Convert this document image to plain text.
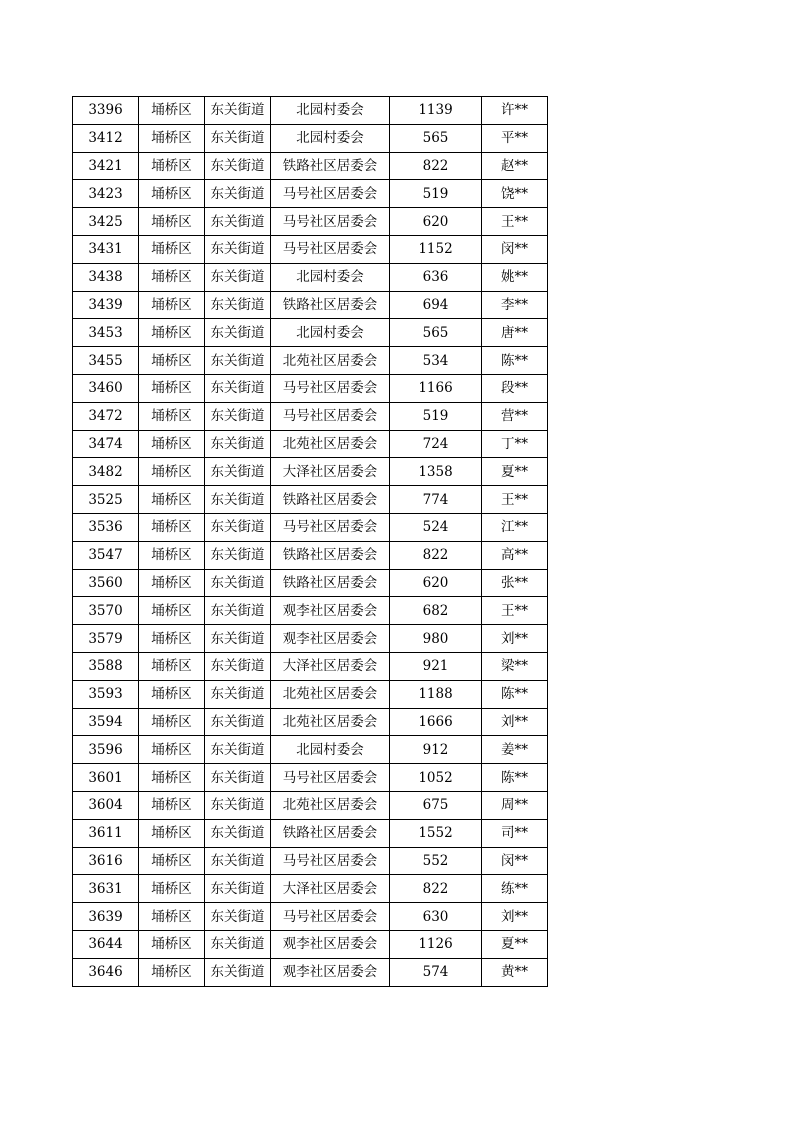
3396	埇桥区	东关街道	北园村委会	1139	许**
3412	埇桥区	东关街道	北园村委会	565	平**
3421	埇桥区	东关街道	铁路社区居委会	822	赵**
3423	埇桥区	东关街道	马号社区居委会	519	饶**
3425	埇桥区	东关街道	马号社区居委会	620	王**
3431	埇桥区	东关街道	马号社区居委会	1152	闵**
3438	埇桥区	东关街道	北园村委会	636	姚**
3439	埇桥区	东关街道	铁路社区居委会	694	李**
3453	埇桥区	东关街道	北园村委会	565	唐**
3455	埇桥区	东关街道	北苑社区居委会	534	陈**
3460	埇桥区	东关街道	马号社区居委会	1166	段**
3472	埇桥区	东关街道	马号社区居委会	519	营**
3474	埇桥区	东关街道	北苑社区居委会	724	丁**
3482	埇桥区	东关街道	大泽社区居委会	1358	夏**
3525	埇桥区	东关街道	铁路社区居委会	774	王**
3536	埇桥区	东关街道	马号社区居委会	524	江**
3547	埇桥区	东关街道	铁路社区居委会	822	高**
3560	埇桥区	东关街道	铁路社区居委会	620	张**
3570	埇桥区	东关街道	观李社区居委会	682	王**
3579	埇桥区	东关街道	观李社区居委会	980	刘**
3588	埇桥区	东关街道	大泽社区居委会	921	梁**
3593	埇桥区	东关街道	北苑社区居委会	1188	陈**
3594	埇桥区	东关街道	北苑社区居委会	1666	刘**
3596	埇桥区	东关街道	北园村委会	912	姜**
3601	埇桥区	东关街道	马号社区居委会	1052	陈**
3604	埇桥区	东关街道	北苑社区居委会	675	周**
3611	埇桥区	东关街道	铁路社区居委会	1552	司**
3616	埇桥区	东关街道	马号社区居委会	552	闵**
3631	埇桥区	东关街道	大泽社区居委会	822	练**
3639	埇桥区	东关街道	马号社区居委会	630	刘**
3644	埇桥区	东关街道	观李社区居委会	1126	夏**
3646	埇桥区	东关街道	观李社区居委会	574	黄**
